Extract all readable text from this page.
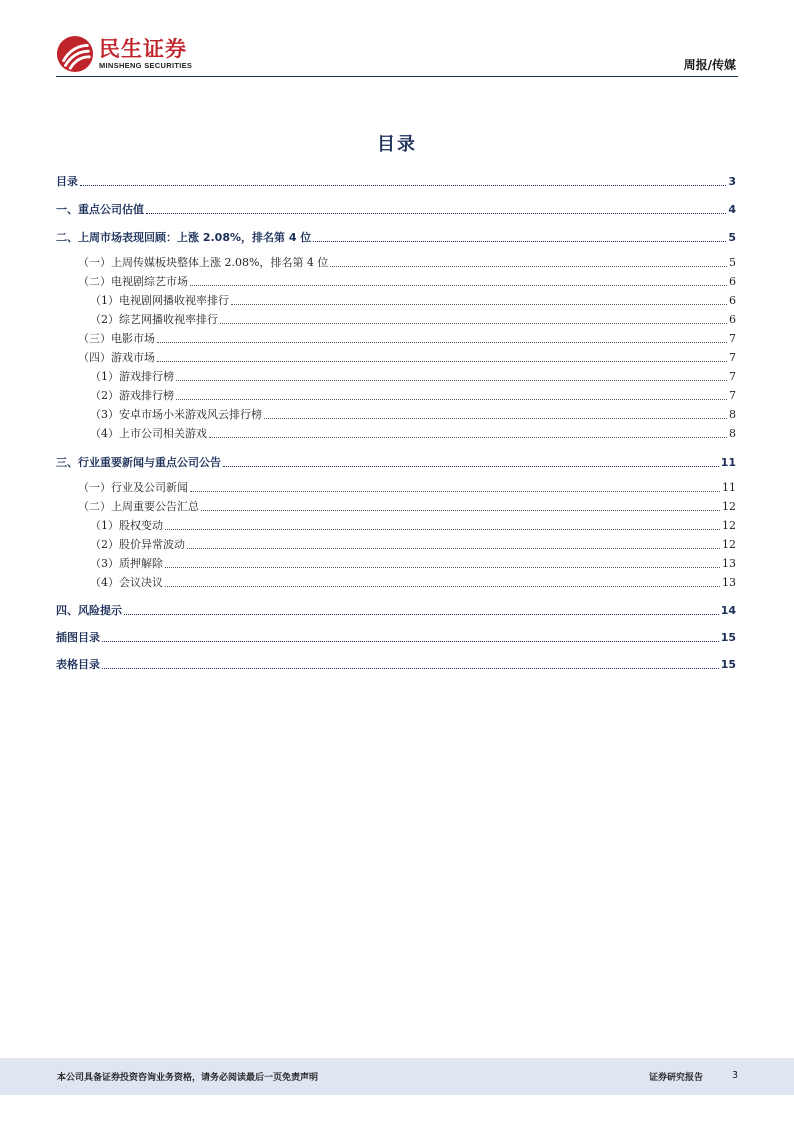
民生证券
MINSHENG SECURITIES	周报/传媒
目录
目录	3
一、重点公司估值	4
二、上周市场表现回顾：上涨 2.08%，排名第 4 位	5
（一）上周传媒板块整体上涨 2.08%，排名第 4 位	5
（二）电视剧综艺市场	6
（1）电视剧网播收视率排行	6
（2）综艺网播收视率排行	6
（三）电影市场	7
（四）游戏市场	7
（1）游戏排行榜	7
（2）游戏排行榜	7
（3）安卓市场小米游戏风云排行榜	8
（4）上市公司相关游戏	8
三、行业重要新闻与重点公司公告	11
（一）行业及公司新闻	11
（二）上周重要公告汇总	12
（1）股权变动	12
（2）股价异常波动	12
（3）质押解除	13
（4）会议决议	13
四、风险提示	14
插图目录	15
表格目录	15
本公司具备证券投资咨询业务资格，请务必阅读最后一页免责声明	证券研究报告	3
